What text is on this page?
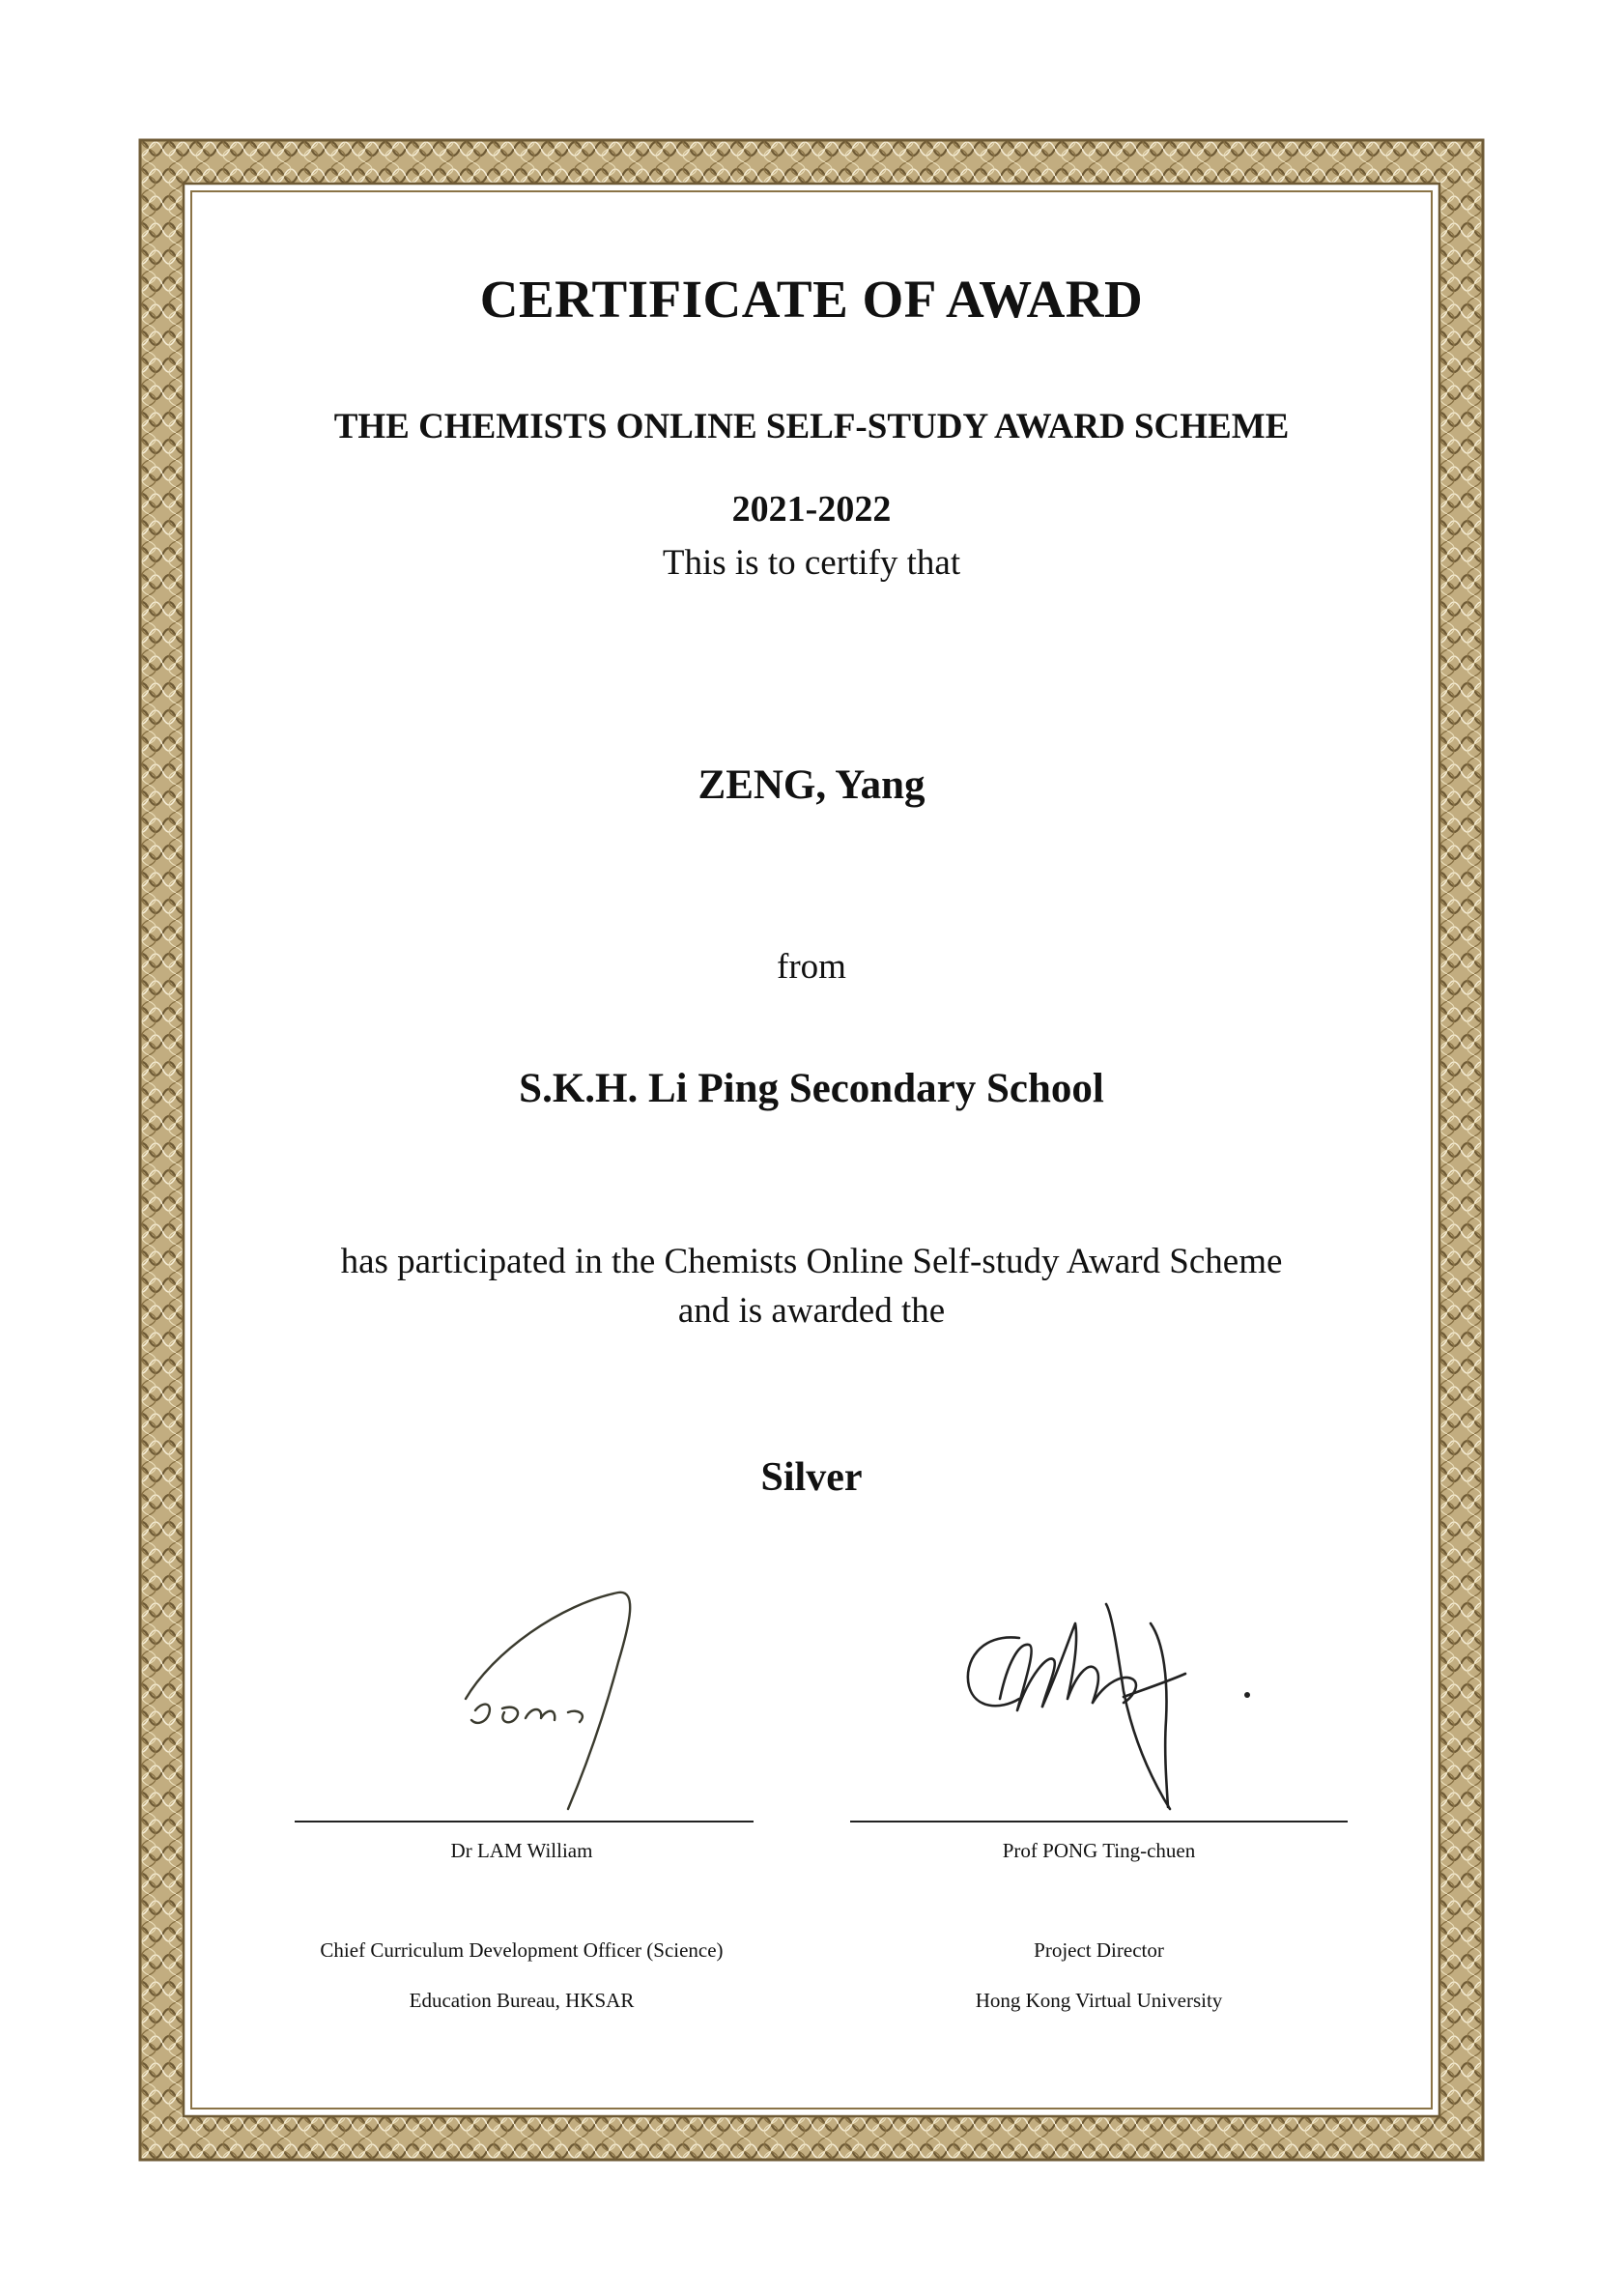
CERTIFICATE OF AWARD
THE CHEMISTS ONLINE SELF-STUDY AWARD SCHEME
2021-2022
This is to certify that
ZENG, Yang
from
S.K.H. Li Ping Secondary School
has participated in the Chemists Online Self-study Award Scheme
and is awarded the
Silver
Dr LAM William	Prof PONG Ting-chuen
Chief Curriculum Development Officer (Science)	Project Director
Education Bureau, HKSAR	Hong Kong Virtual University
